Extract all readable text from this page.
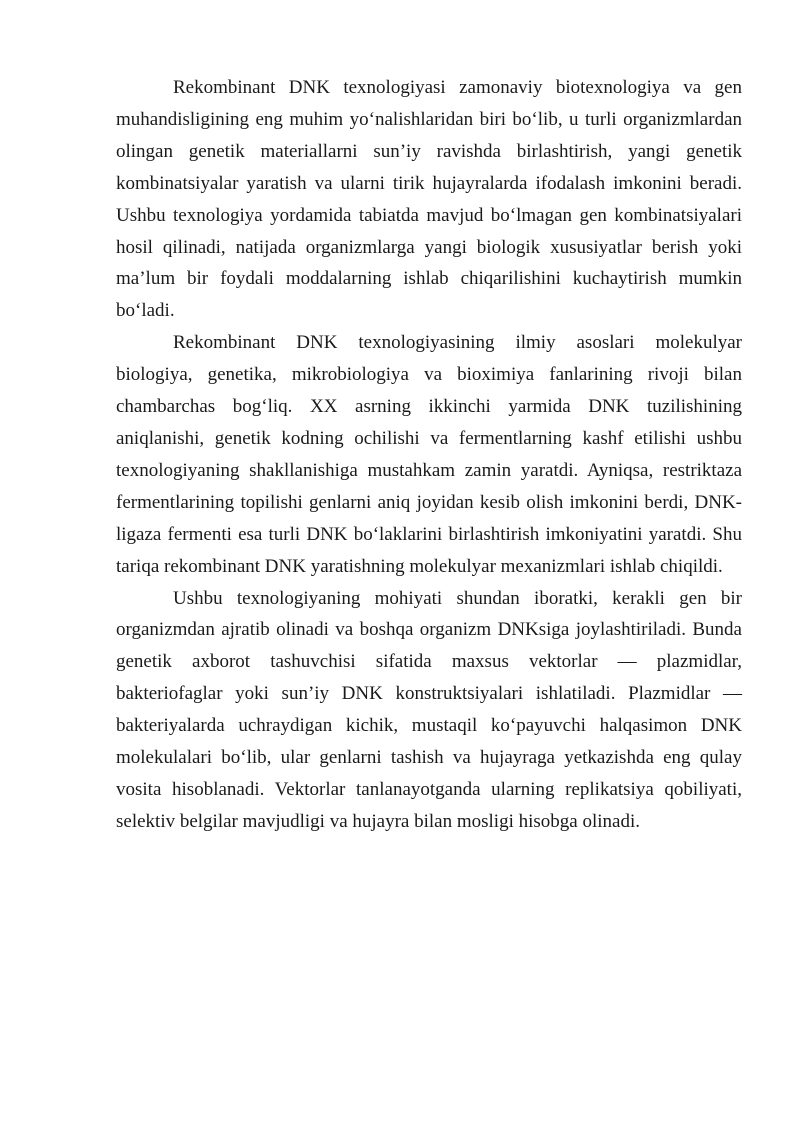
Rekombinant DNK texnologiyasi zamonaviy biotexnologiya va gen muhandisligining eng muhim yo‘nalishlaridan biri bo‘lib, u turli organizmlardan olingan genetik materiallarni sun’iy ravishda birlashtirish, yangi genetik kombinatsiyalar yaratish va ularni tirik hujayralarda ifodalash imkonini beradi. Ushbu texnologiya yordamida tabiatda mavjud bo‘lmagan gen kombinatsiyalari hosil qilinadi, natijada organizmlarga yangi biologik xususiyatlar berish yoki ma’lum bir foydali moddalarning ishlab chiqarilishini kuchaytirish mumkin bo‘ladi.

Rekombinant DNK texnologiyasining ilmiy asoslari molekulyar biologiya, genetika, mikrobiologiya va bioximiya fanlarining rivoji bilan chambarchas bog‘liq. XX asrning ikkinchi yarmida DNK tuzilishining aniqlanishi, genetik kodning ochilishi va fermentlarning kashf etilishi ushbu texnologiyaning shakllanishiga mustahkam zamin yaratdi. Ayniqsa, restriktaza fermentlarining topilishi genlarni aniq joyidan kesib olish imkonini berdi, DNK-ligaza fermenti esa turli DNK bo‘laklarini birlashtirish imkoniyatini yaratdi. Shu tariqa rekombinant DNK yaratishning molekulyar mexanizmlari ishlab chiqildi.

Ushbu texnologiyaning mohiyati shundan iboratki, kerakli gen bir organizmdan ajratib olinadi va boshqa organizm DNKsiga joylashtiriladi. Bunda genetik axborot tashuvchisi sifatida maxsus vektorlar — plazmidlar, bakteriofaglar yoki sun’iy DNK konstruktsiyalari ishlatiladi. Plazmidlar — bakteriyalarda uchraydigan kichik, mustaqil ko‘payuvchi halqasimon DNK molekulalari bo‘lib, ular genlarni tashish va hujayraga yetkazishda eng qulay vosita hisoblanadi. Vektorlar tanlanayotganda ularning replikatsiya qobiliyati, selektiv belgilar mavjudligi va hujayra bilan mosligi hisobga olinadi.
